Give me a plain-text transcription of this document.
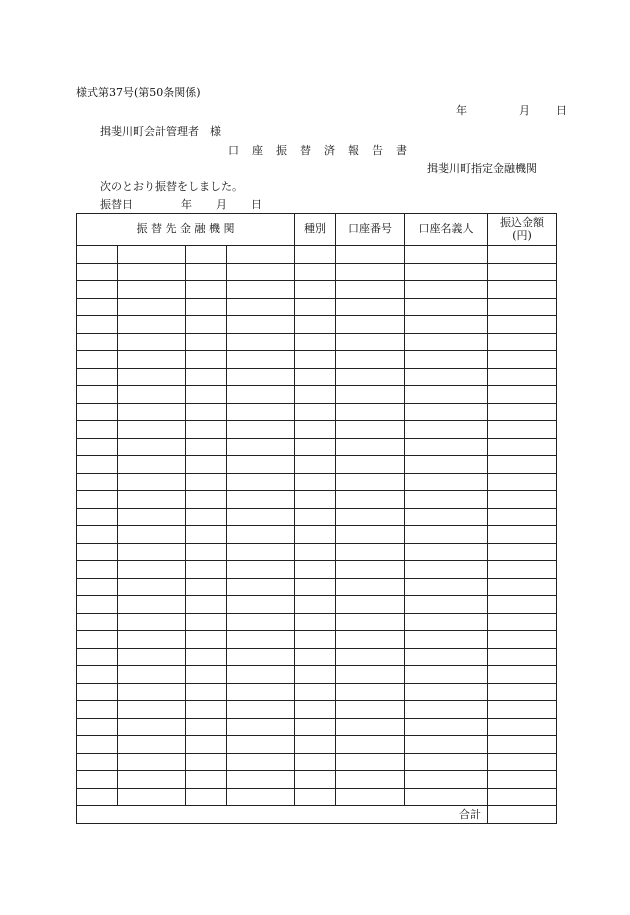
様式第37号(第50条関係)
年	月 日
揖斐川町会計管理者　様
口 座 振 替 済 報 告 書
揖斐川町指定金融機関
次のとおり振替をしました。
振替日	年 月 日
振 替 先 金 融 機 関				種別	口座番号	口座名義人	振込金額
(円)

合計							
